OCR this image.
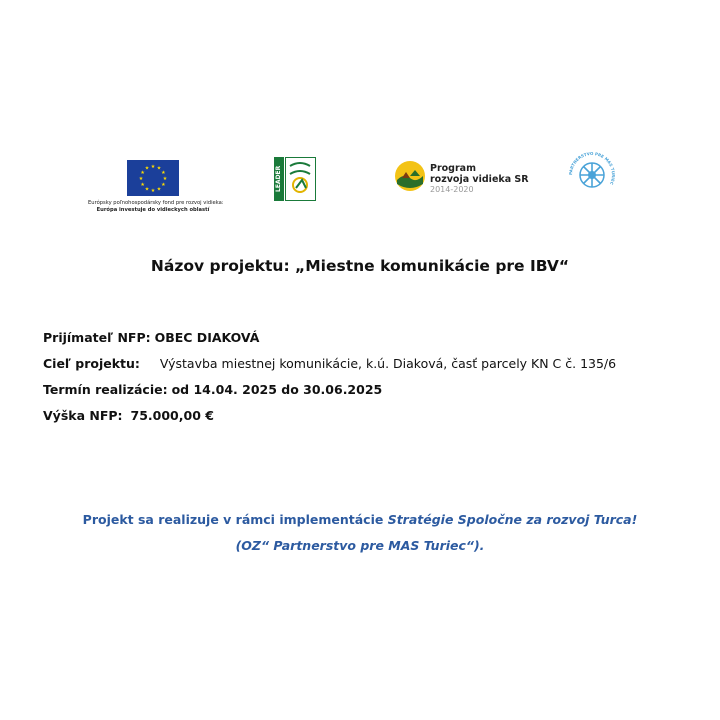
★ ★
★
★
★
★
★
★
★
★
★
★
Európsky poľnohospodársky fond pre rozvoj vidieka:
Európa investuje do vidieckych oblastí
LEADER	Program
rozvoja vidieka SR
2014-2020
PARTNERSTVO PRE MAS TURIEC
Názov projektu: „Miestne komunikácie pre IBV“
Prijímateľ NFP: OBEC DIAKOVÁ
Cieľ projektu: Výstavba miestnej komunikácie, k.ú. Diaková, časť parcely KN C č. 135/6
Termín realizácie: od 14.04. 2025 do 30.06.2025
Výška NFP: 75.000,00 €
Projekt sa realizuje v rámci implementácie Stratégie Spoločne za rozvoj Turca!
(OZ“ Partnerstvo pre MAS Turiec“).
